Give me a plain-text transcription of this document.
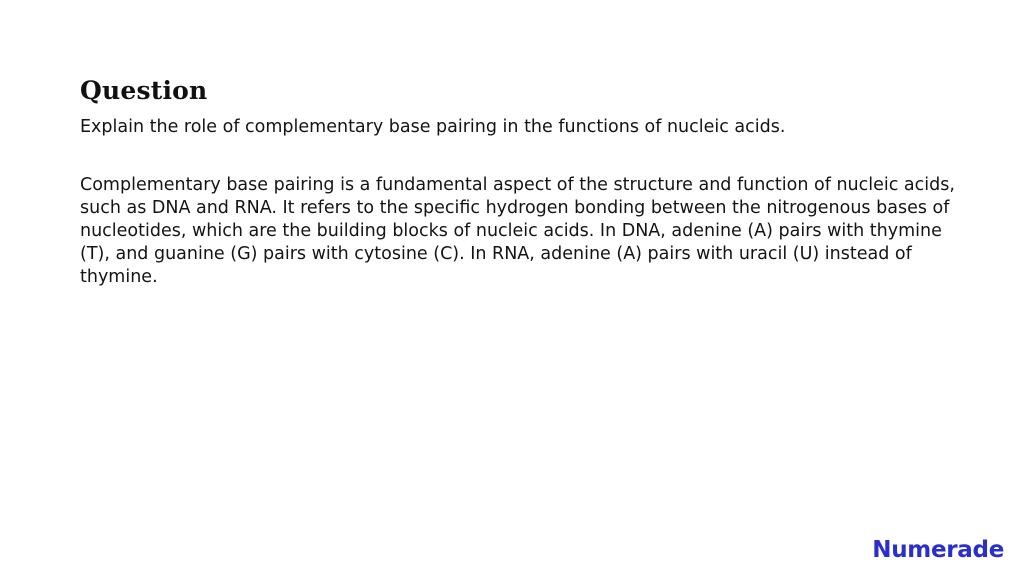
Question

Explain the role of complementary base pairing in the functions of nucleic acids.

Complementary base pairing is a fundamental aspect of the structure and function of nucleic acids, such as DNA and RNA. It refers to the specific hydrogen bonding between the nitrogenous bases of nucleotides, which are the building blocks of nucleic acids. In DNA, adenine (A) pairs with thymine (T), and guanine (G) pairs with cytosine (C). In RNA, adenine (A) pairs with uracil (U) instead of thymine.

Numerade
